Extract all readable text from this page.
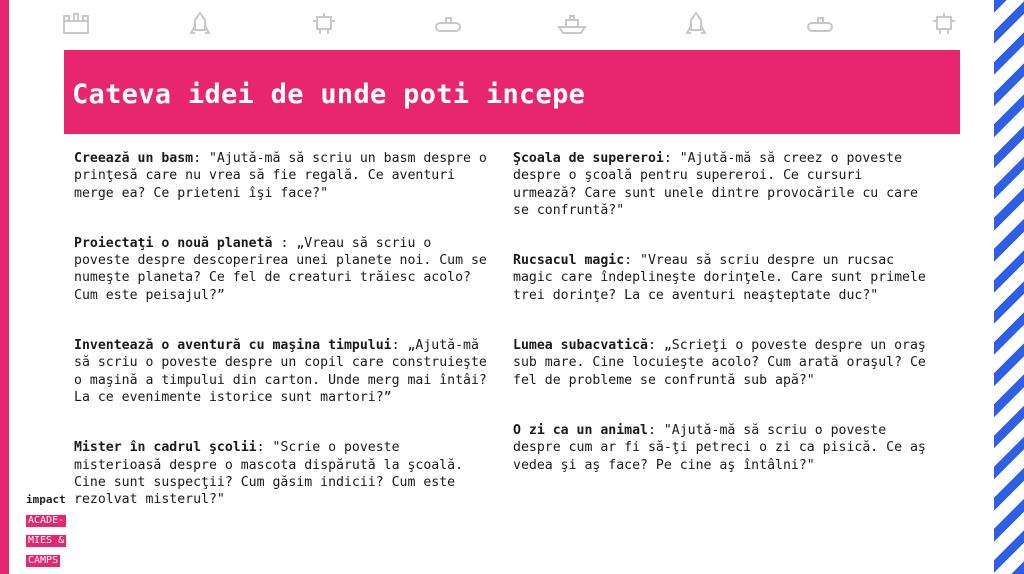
Cateva idei de unde poti incepe

Creează un basm: "Ajută-mă să scriu un basm despre o prinţesă care nu vrea să fie regală. Ce aventuri merge ea? Ce prieteni îşi face?"

Proiectaţi o nouă planetă : „Vreau să scriu o poveste despre descoperirea unei planete noi. Cum se numeşte planeta? Ce fel de creaturi trăiesc acolo? Cum este peisajul?”

Inventează o aventură cu maşina timpului: „Ajută-mă să scriu o poveste despre un copil care construieşte o maşină a timpului din carton. Unde merg mai întâi? La ce evenimente istorice sunt martori?”

Mister în cadrul şcolii: "Scrie o poveste misterioasă despre o mascota dispărută la şcoală. Cine sunt suspecţii? Cum găsim indicii? Cum este rezolvat misterul?"

Şcoala de supereroi: "Ajută-mă să creez o poveste despre o şcoală pentru supereroi. Ce cursuri urmează? Care sunt unele dintre provocările cu care se confruntă?"

Rucsacul magic: "Vreau să scriu despre un rucsac magic care îndeplineşte dorinţele. Care sunt primele trei dorinţe? La ce aventuri neaşteptate duc?"

Lumea subacvatică: „Scrieţi o poveste despre un oraş sub mare. Cine locuieşte acolo? Cum arată oraşul? Ce fel de probleme se confruntă sub apă?"

O zi ca un animal: "Ajută-mă să scriu o poveste despre cum ar fi să-ţi petreci o zi ca pisică. Ce aş vedea şi aş face? Pe cine aş întâlni?"

impact
ACADE-
MIES &
CAMPS
